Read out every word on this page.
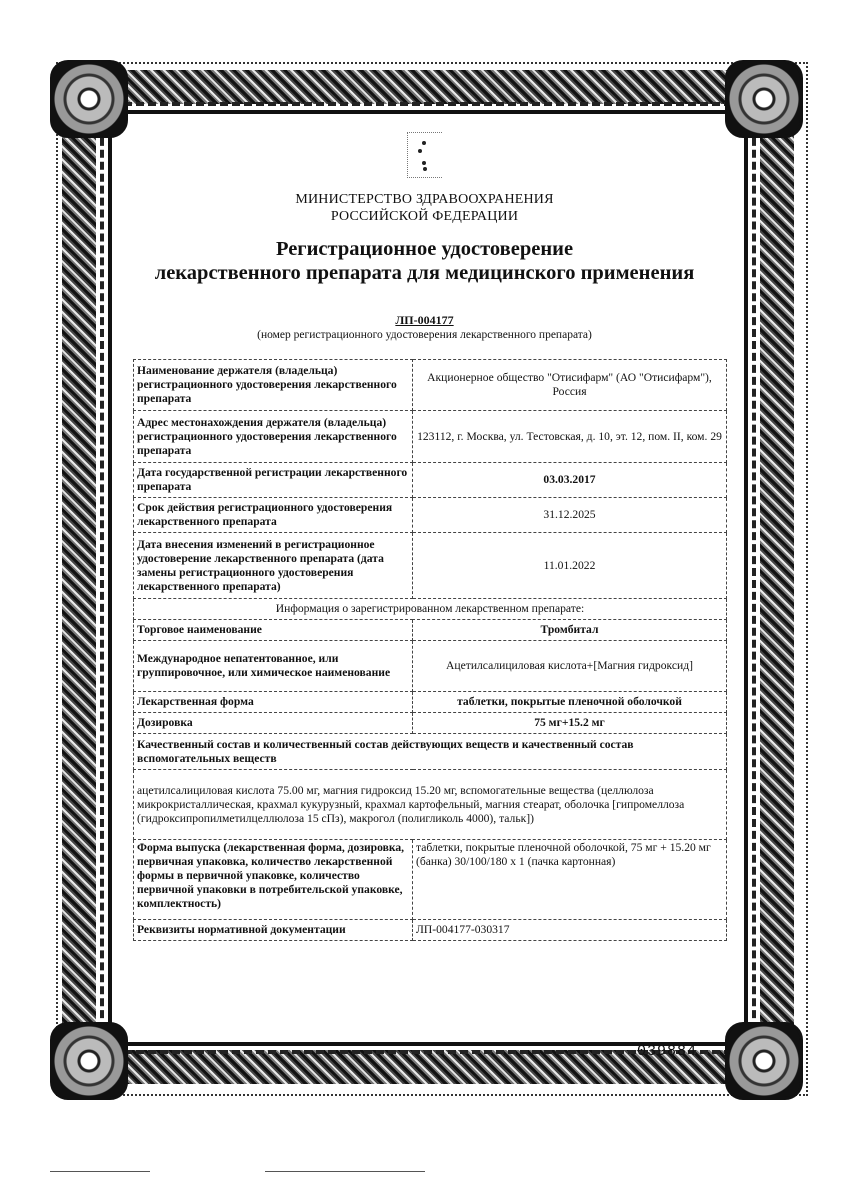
МИНИСТЕРСТВО ЗДРАВООХРАНЕНИЯ
РОССИЙСКОЙ ФЕДЕРАЦИИ
Регистрационное удостоверение
лекарственного препарата для медицинского применения
ЛП-004177
(номер регистрационного удостоверения лекарственного препарата)
Наименование держателя (владельца) регистрационного удостоверения лекарственного препарата	Акционерное общество "Отисифарм" (АО "Отисифарм"), Россия
Адрес местонахождения держателя (владельца) регистрационного удостоверения лекарственного препарата	123112, г. Москва, ул. Тестовская, д. 10, эт. 12, пом. II, ком. 29
Дата государственной регистрации лекарственного препарата	03.03.2017
Срок действия регистрационного удостоверения лекарственного препарата	31.12.2025
Дата внесения изменений в регистрационное удостоверение лекарственного препарата (дата замены регистрационного удостоверения лекарственного препарата)	11.01.2022
Информация о зарегистрированном лекарственном препарате:	
Торговое наименование	Тромбитал
Международное непатентованное, или группировочное, или химическое наименование	Ацетилсалициловая кислота+[Магния гидроксид]
Лекарственная форма	таблетки, покрытые пленочной оболочкой
Дозировка	75 мг+15.2 мг
Качественный состав и количественный состав действующих веществ и качественный состав вспомогательных веществ	
ацетилсалициловая кислота 75.00 мг, магния гидроксид 15.20 мг, вспомогательные вещества (целлюлоза микрокристаллическая, крахмал кукурузный, крахмал картофельный, магния стеарат, оболочка [гипромеллоза (гидроксипропилметилцеллюлоза 15 сПз), макрогол (полигликоль 4000), тальк])	
Форма выпуска (лекарственная форма, дозировка, первичная упаковка, количество лекарственной формы в первичной упаковке, количество первичной упаковки в потребительской упаковке, комплектность)	таблетки, покрытые пленочной оболочкой, 75 мг + 15.20 мг (банка) 30/100/180 х 1 (пачка картонная)
Реквизиты нормативной документации	ЛП-004177-030317
039884
